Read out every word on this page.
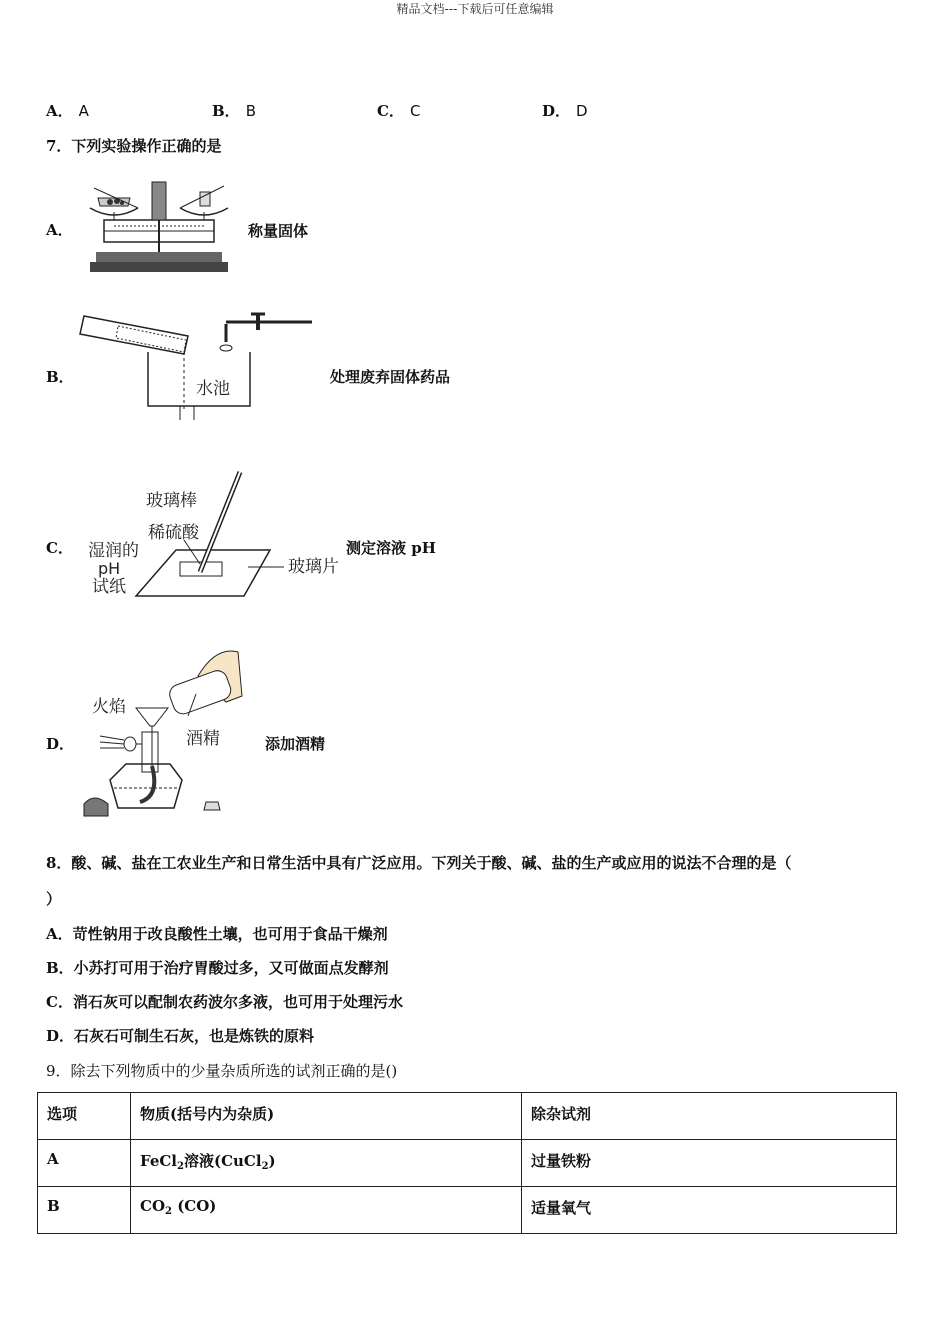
精品文档---下载后可任意编辑
A． A	B． B	C． C	D． D
7．下列实验操作正确的是
A．	称量固体
B．
水池
处理废弃固体药品
C．
玻璃棒
稀硫酸
湿润的
pH
试纸
玻璃片
测定溶液 pH
D．
火焰
酒精	添加酒精
8．酸、碱、盐在工农业生产和日常生活中具有广泛应用。下列关于酸、碱、盐的生产或应用的说法不合理的是（
）
A．苛性钠用于改良酸性土壤，也可用于食品干燥剂
B．小苏打可用于治疗胃酸过多，又可做面点发酵剂
C．消石灰可以配制农药波尔多液，也可用于处理污水
D．石灰石可制生石灰，也是炼铁的原料
9．除去下列物质中的少量杂质所选的试剂正确的是()
选项	物质(括号内为杂质)	除杂试剂
A	FeCl$_2$溶液(CuCl$_2$)	过量铁粉
B	$CO_2$ (CO)	适量氧气
